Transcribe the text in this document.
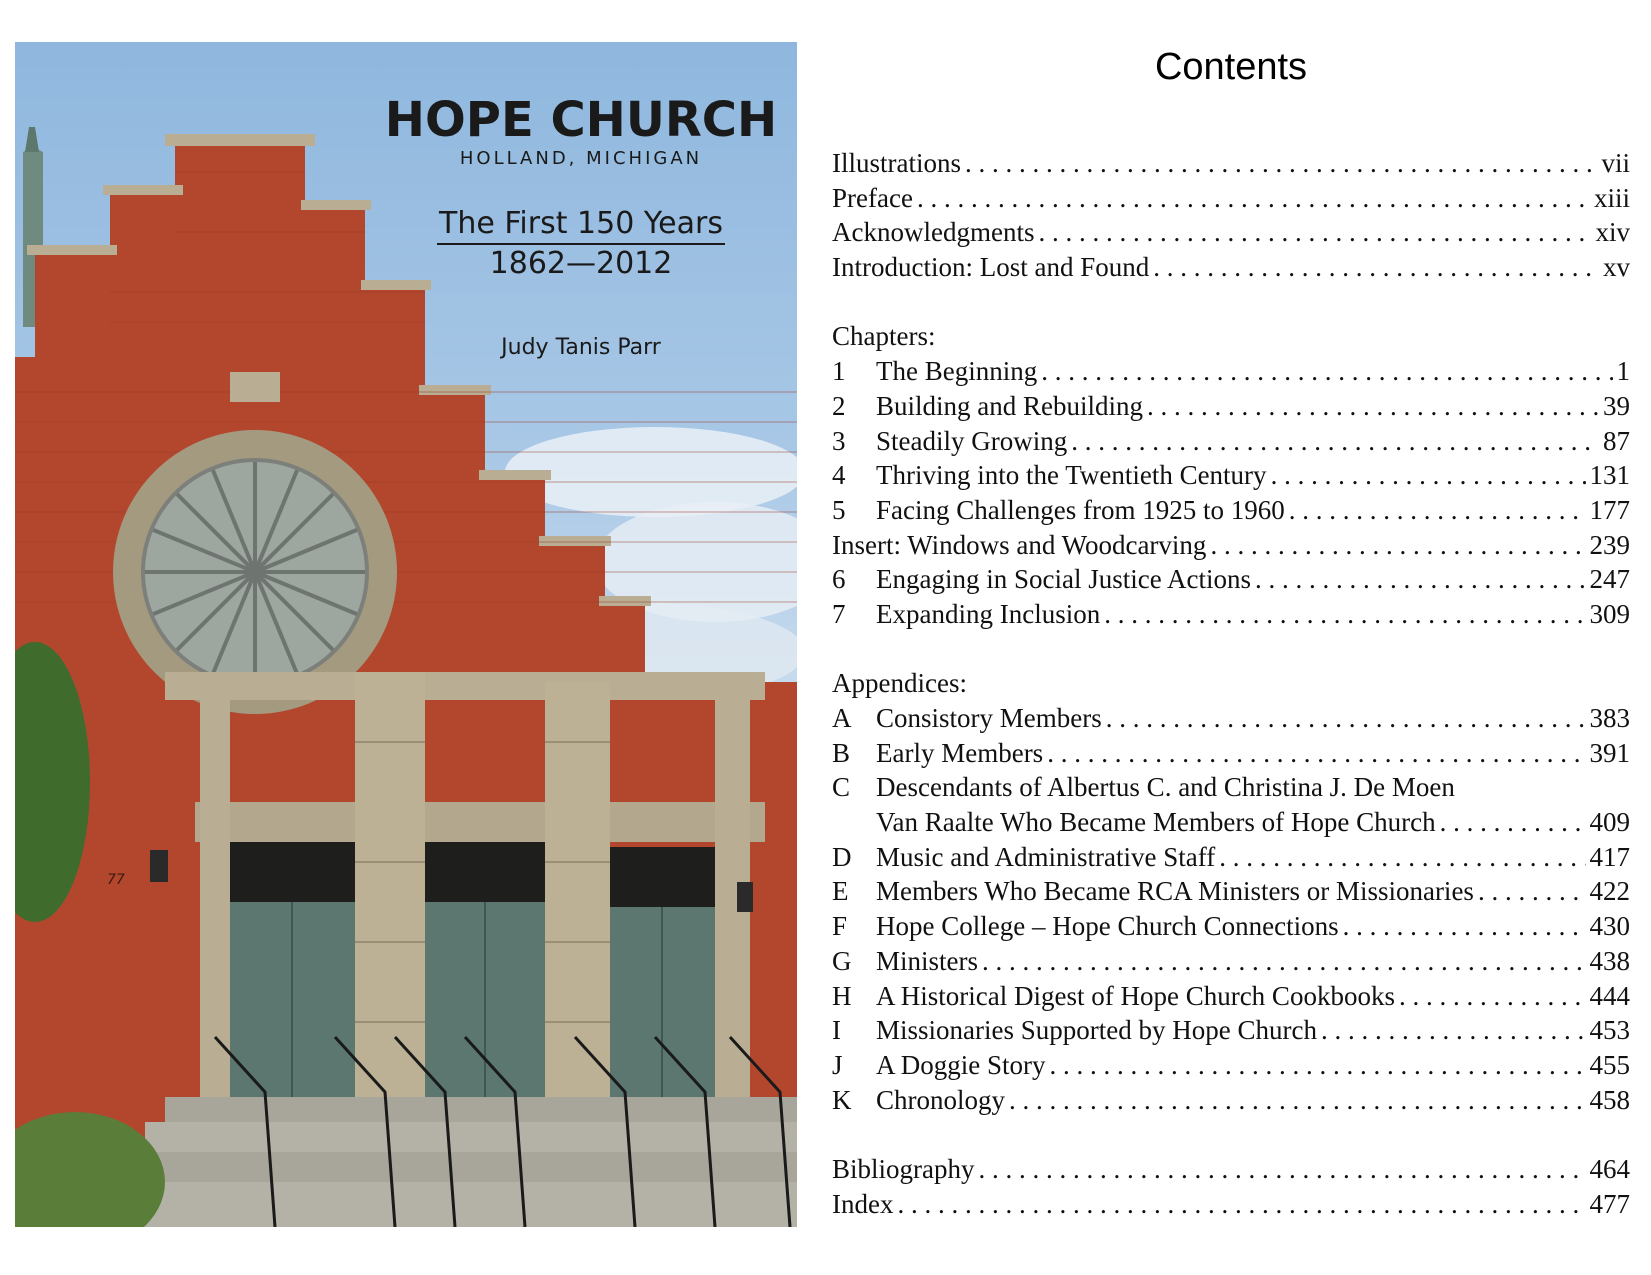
77
HOPE CHURCH
HOLLAND, MICHIGAN
The First 150 Years
1862—2012
Judy Tanis Parr
Contents
Illustrations . . .	vii
Preface . . .	xiii
Acknowledgments . . .	xiv
Introduction: Lost and Found . . .	xv
Chapters:
1	The Beginning . . .	1
2	Building and Rebuilding . . .	39
3	Steadily Growing . . .	87
4	Thriving into the Twentieth Century . . .	131
5	Facing Challenges from 1925 to 1960 . . .	177
Insert: Windows and Woodcarving . . .	239
6	Engaging in Social Justice Actions . . .	247
7	Expanding Inclusion . . .	309
Appendices:
A Consistory Members . . .	383
B Early Members . . .	391
C Descendants of Albertus C. and Christina J. De Moen
Van Raalte Who Became Members of Hope Church . . .	409
D Music and Administrative Staff . . .	417
E	Members Who Became RCA Ministers or Missionaries . . .	422
F	Hope College – Hope Church Connections . . .	430
G Ministers . . .	438
H A Historical Digest of Hope Church Cookbooks . . .	444
I	Missionaries Supported by Hope Church . . .	453
J	A Doggie Story . . .	455
K Chronology . . .	458
Bibliography . . .	464
Index . . .	477
